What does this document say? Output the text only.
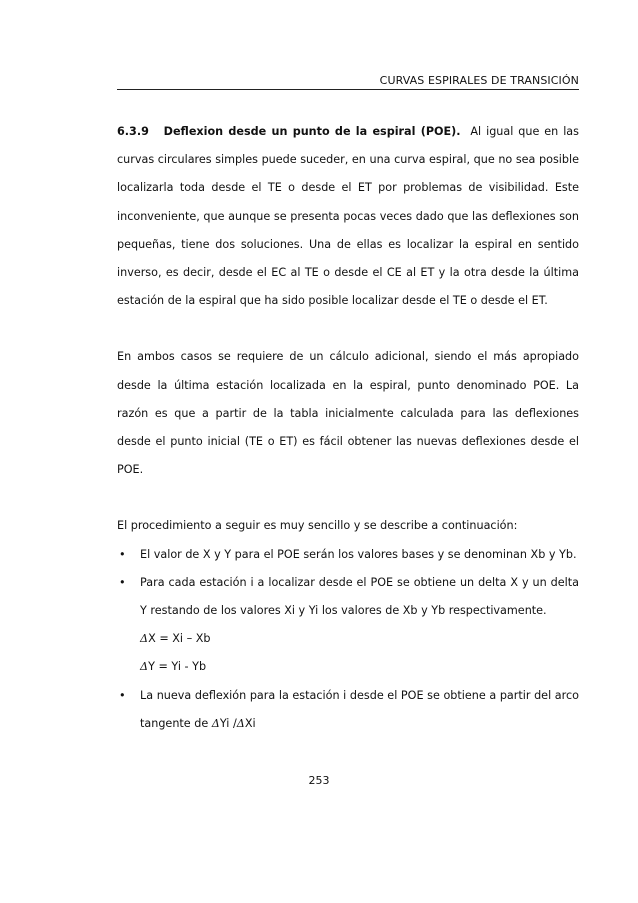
CURVAS ESPIRALES DE TRANSICIÓN

6.3.9 Deflexion desde un punto de la espiral (POE). Al igual que en las curvas circulares simples puede suceder, en una curva espiral, que no sea posible localizarla toda desde el TE o desde el ET por problemas de visibilidad. Este inconveniente, que aunque se presenta pocas veces dado que las deflexiones son pequeñas, tiene dos soluciones. Una de ellas es localizar la espiral en sentido inverso, es decir, desde el EC al TE o desde el CE al ET y la otra desde la última estación de la espiral que ha sido posible localizar desde el TE o desde el ET.

En ambos casos se requiere de un cálculo adicional, siendo el más apropiado desde la última estación localizada en la espiral, punto denominado POE. La razón es que a partir de la tabla inicialmente calculada para las deflexiones desde el punto inicial (TE o ET) es fácil obtener las nuevas deflexiones desde el POE.

El procedimiento a seguir es muy sencillo y se describe a continuación:

• El valor de X y Y para el POE serán los valores bases y se denominan Xb y Yb.
• Para cada estación i a localizar desde el POE se obtiene un delta X y un delta Y restando de los valores Xi y Yi los valores de Xb y Yb respectivamente.
ΔX = Xi – Xb
ΔY = Yi - Yb
• La nueva deflexión para la estación i desde el POE se obtiene a partir del arco tangente de ΔYi /ΔXi
253
